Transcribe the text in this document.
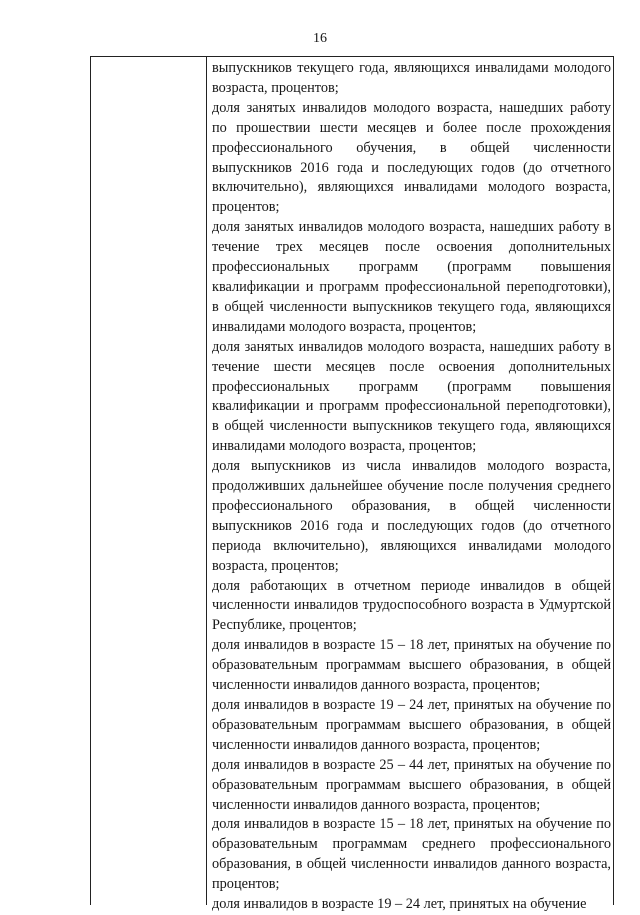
16

выпускников текущего года, являющихся инвалидами молодого возраста, процентов;

доля занятых инвалидов молодого возраста, нашедших работу по прошествии шести месяцев и более после прохождения профессионального обучения, в общей численности выпускников 2016 года и последующих годов (до отчетного включительно), являющихся инвалидами молодого возраста, процентов;

доля занятых инвалидов молодого возраста, нашедших работу в течение трех месяцев после освоения дополнительных профессиональных программ (программ повышения квалификации и программ профессиональной переподготовки), в общей численности выпускников текущего года, являющихся инвалидами молодого возраста, процентов;

доля занятых инвалидов молодого возраста, нашедших работу в течение шести месяцев после освоения дополнительных профессиональных программ (программ повышения квалификации и программ профессиональной переподготовки), в общей численности выпускников текущего года, являющихся инвалидами молодого возраста, процентов;

доля выпускников из числа инвалидов молодого возраста, продолживших дальнейшее обучение после получения среднего профессионального образования, в общей численности выпускников 2016 года и последующих годов (до отчетного периода включительно), являющихся инвалидами молодого возраста, процентов;

доля работающих в отчетном периоде инвалидов в общей численности инвалидов трудоспособного возраста в Удмуртской Республике, процентов;

доля инвалидов в возрасте 15 – 18 лет, принятых на обучение по образовательным программам высшего образования, в общей численности инвалидов данного возраста, процентов;

доля инвалидов в возрасте 19 – 24 лет, принятых на обучение по образовательным программам высшего образования, в общей численности инвалидов данного возраста, процентов;

доля инвалидов в возрасте 25 – 44 лет, принятых на обучение по образовательным программам высшего образования, в общей численности инвалидов данного возраста, процентов;

доля инвалидов в возрасте 15 – 18 лет, принятых на обучение по образовательным программам среднего профессионального образования, в общей численности инвалидов данного возраста, процентов;

доля инвалидов в возрасте 19 – 24 лет, принятых на обучение
